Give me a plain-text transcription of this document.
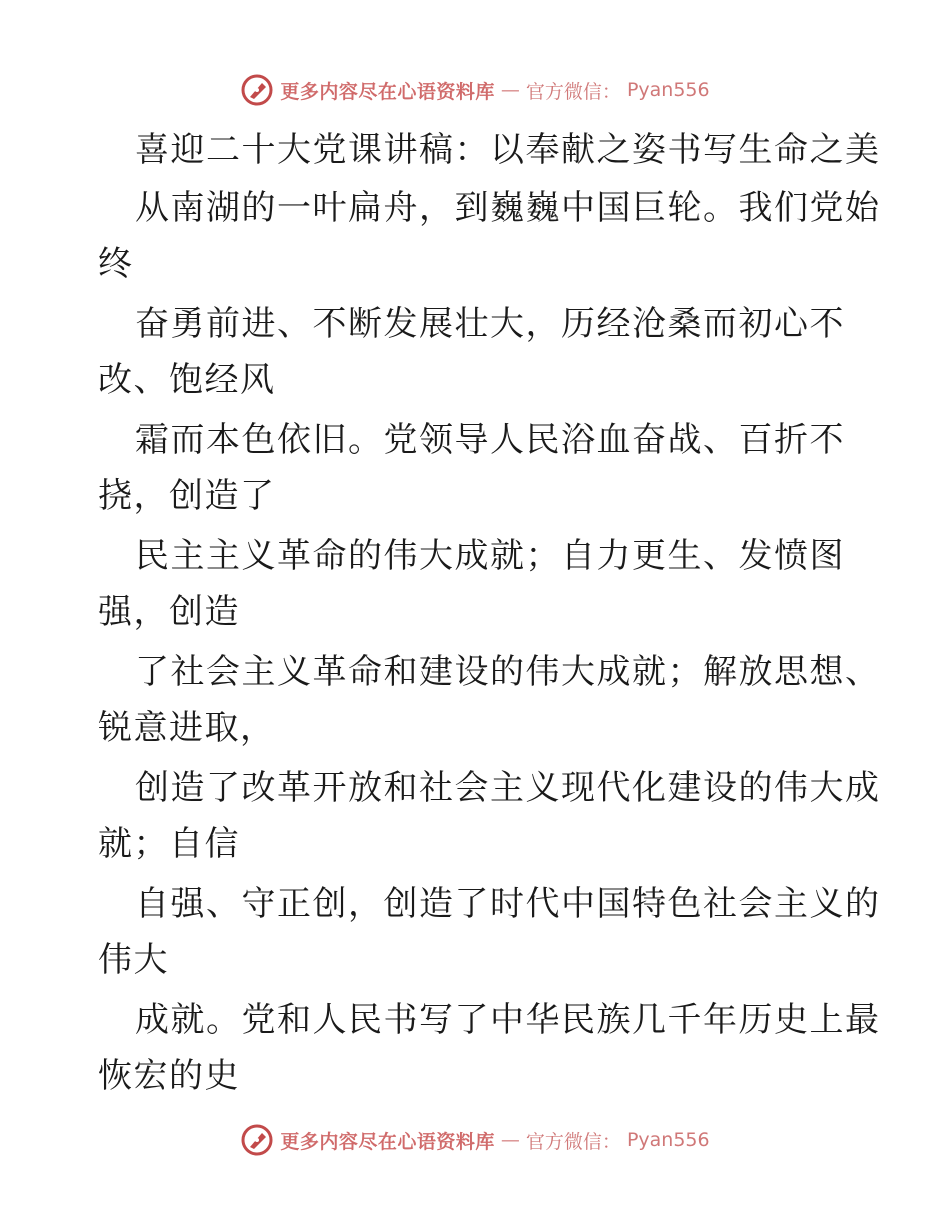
更多内容尽在心语资料库 — 官方微信： Pyan556
喜迎二十大党课讲稿：以奉献之姿书写生命之美
从南湖的一叶扁舟，到巍巍中国巨轮。我们党始
终
奋勇前进、不断发展壮大，历经沧桑而初心不
改、饱经风
霜而本色依旧。党领导人民浴血奋战、百折不
挠，创造了
民主主义革命的伟大成就；自力更生、发愤图
强，创造
了社会主义革命和建设的伟大成就；解放思想、
锐意进取，
创造了改革开放和社会主义现代化建设的伟大成
就；自信
自强、守正创，创造了时代中国特色社会主义的
伟大
成就。党和人民书写了中华民族几千年历史上最
恢宏的史
更多内容尽在心语资料库 — 官方微信： Pyan556
